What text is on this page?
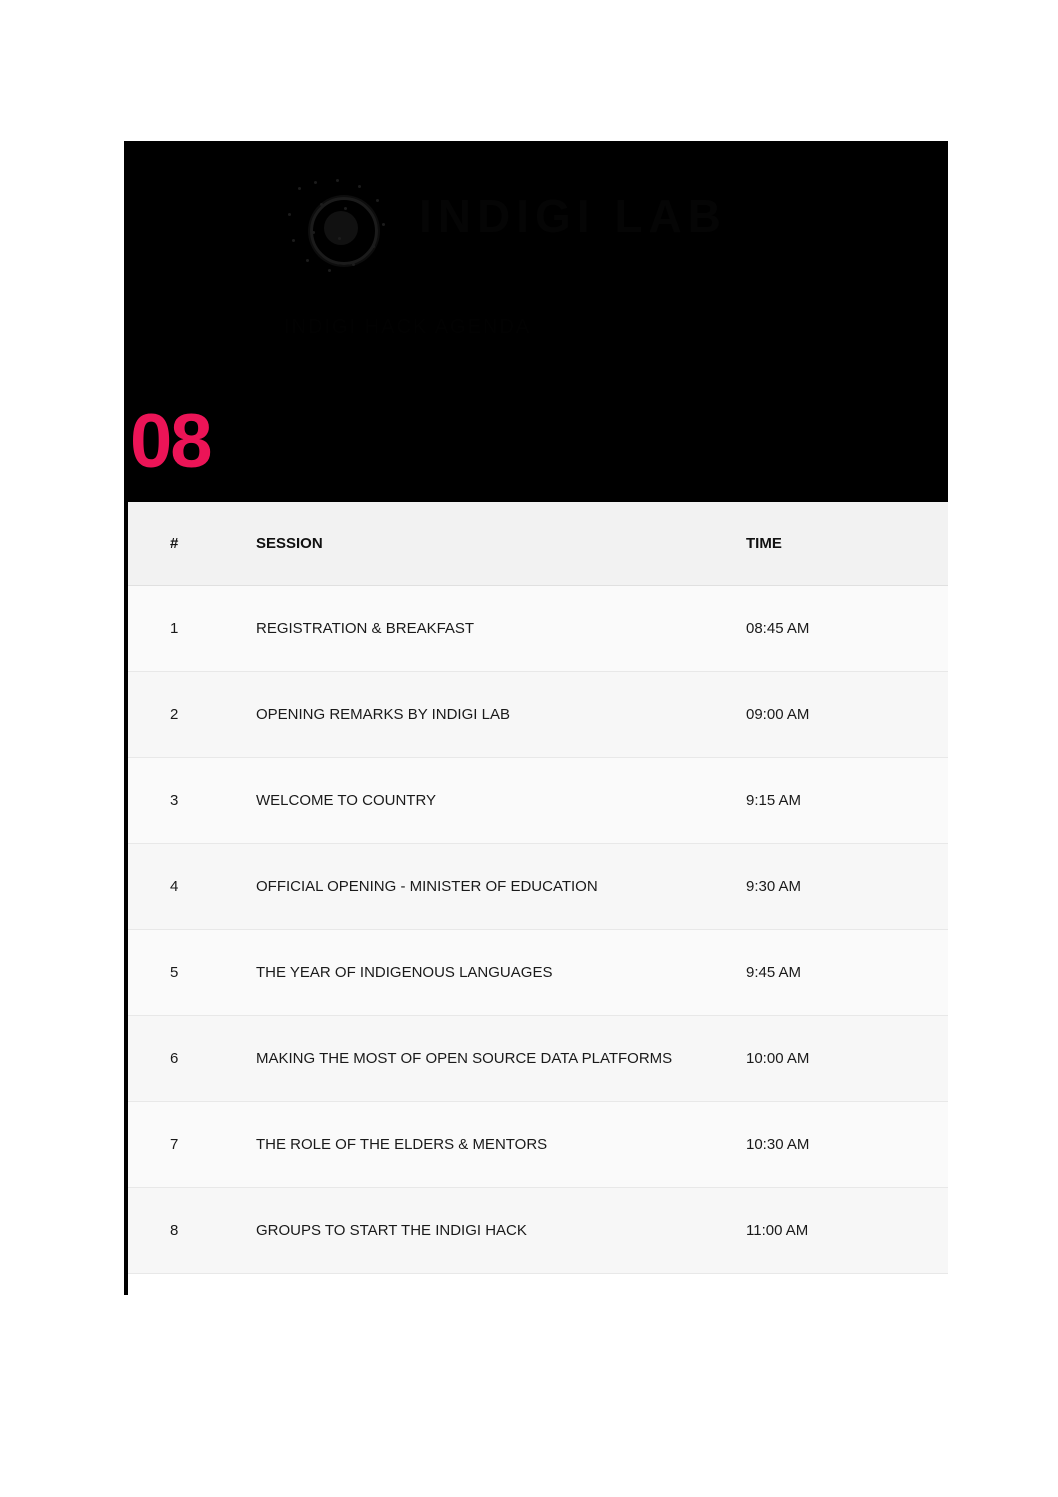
INDIGI LAB
INDIGI HACK AGENDA
08
#	SESSION	TIME
1	REGISTRATION & BREAKFAST	08:45 AM
2	OPENING REMARKS BY INDIGI LAB	09:00 AM
3	WELCOME TO COUNTRY	9:15 AM
4	OFFICIAL OPENING - MINISTER OF EDUCATION	9:30 AM
5	THE YEAR OF INDIGENOUS LANGUAGES	9:45 AM
6	MAKING THE MOST OF OPEN SOURCE DATA PLATFORMS	10:00 AM
7	THE ROLE OF THE ELDERS & MENTORS	10:30 AM
8	GROUPS TO START THE INDIGI HACK	11:00 AM
